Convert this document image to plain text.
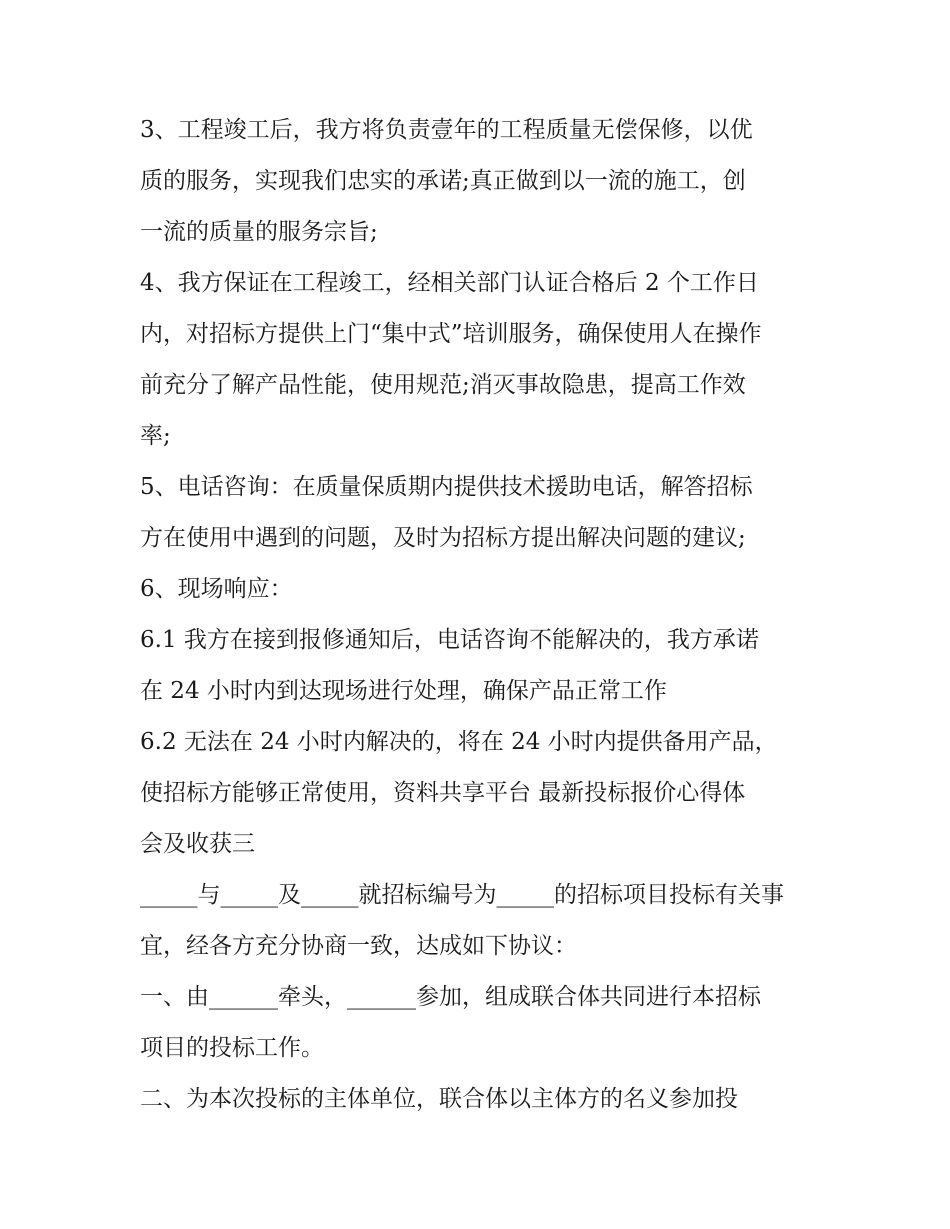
3、工程竣工后，我方将负责壹年的工程质量无偿保修，以优

质的服务，实现我们忠实的承诺;真正做到以一流的施工，创

一流的质量的服务宗旨;

4、我方保证在工程竣工，经相关部门认证合格后 2 个工作日

内，对招标方提供上门“集中式”培训服务，确保使用人在操作

前充分了解产品性能，使用规范;消灭事故隐患，提高工作效

率;

5、电话咨询：在质量保质期内提供技术援助电话，解答招标

方在使用中遇到的问题，及时为招标方提出解决问题的建议;

6、现场响应：

6.1 我方在接到报修通知后，电话咨询不能解决的，我方承诺

在 24 小时内到达现场进行处理，确保产品正常工作

6.2 无法在 24 小时内解决的，将在 24 小时内提供备用产品，

使招标方能够正常使用，资料共享平台 最新投标报价心得体

会及收获三

_____与_____及_____就招标编号为_____的招标项目投标有关事

宜，经各方充分协商一致，达成如下协议：

一、由______牵头，______参加，组成联合体共同进行本招标

项目的投标工作。

二、为本次投标的主体单位，联合体以主体方的名义参加投
